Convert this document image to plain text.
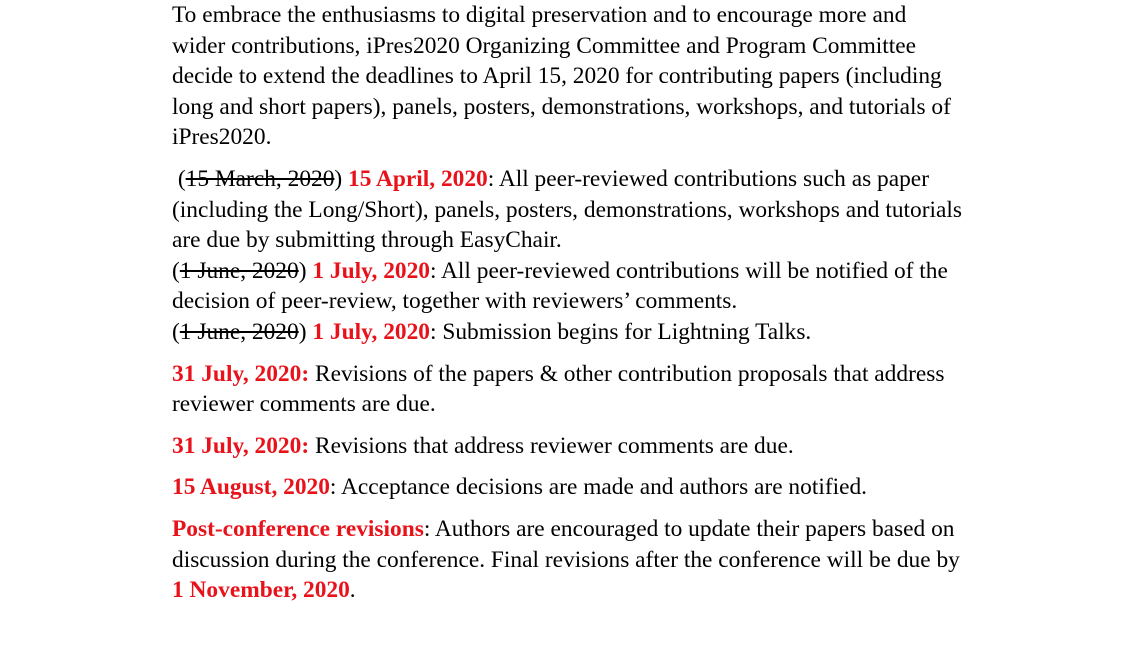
To embrace the enthusiasms to digital preservation and to encourage more and wider contributions, iPres2020 Organizing Committee and Program Committee decide to extend the deadlines to April 15, 2020 for contributing papers (including long and short papers), panels, posters, demonstrations, workshops, and tutorials of iPres2020.

(15 March, 2020) 15 April, 2020: All peer-reviewed contributions such as paper (including the Long/Short), panels, posters, demonstrations, workshops and tutorials are due by submitting through EasyChair.

(1 June, 2020) 1 July, 2020: All peer-reviewed contributions will be notified of the decision of peer-review, together with reviewers’ comments.

(1 June, 2020) 1 July, 2020: Submission begins for Lightning Talks.

31 July, 2020: Revisions of the papers & other contribution proposals that address reviewer comments are due.

31 July, 2020: Revisions that address reviewer comments are due.

15 August, 2020: Acceptance decisions are made and authors are notified.

Post-conference revisions: Authors are encouraged to update their papers based on discussion during the conference. Final revisions after the conference will be due by 1 November, 2020.
